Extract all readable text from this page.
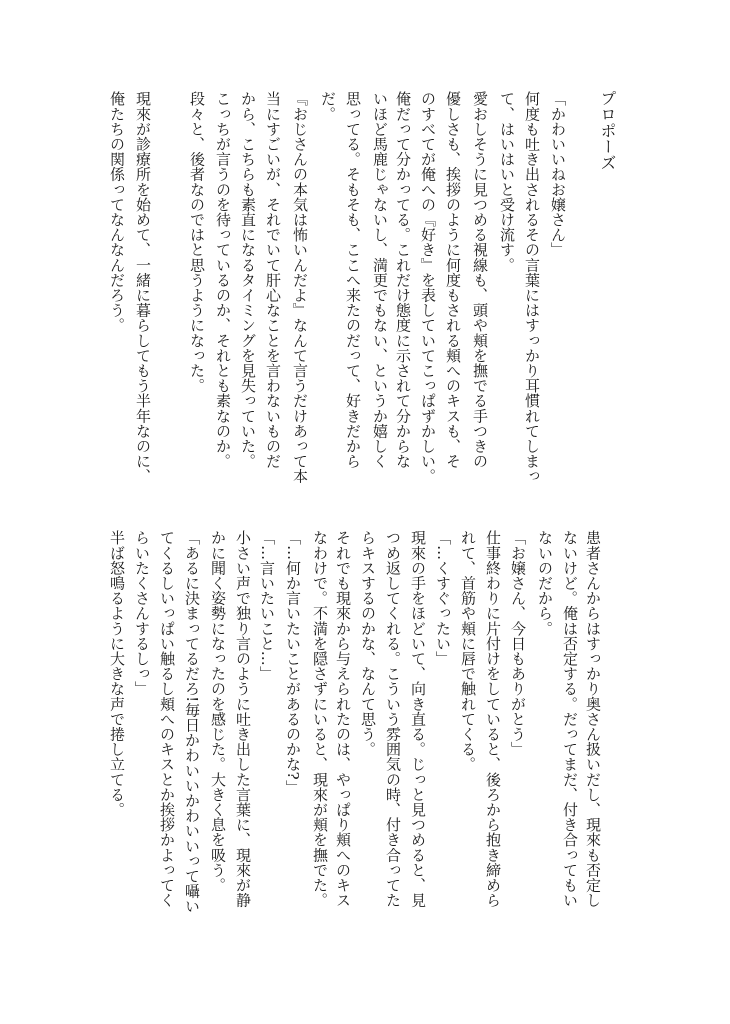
プロポーズ
「かわいいねお嬢さん」
何度も吐き出されるその言葉にはすっかり耳慣れてしまっ
て、はいはいと受け流す。
愛おしそうに見つめる視線も、頭や頬を撫でる手つきの
優しさも、挨拶のように何度もされる頬へのキスも、そ
のすべてが俺への『好き』を表していてこっぱずかしい。
俺だって分かってる。これだけ態度に示されて分からな
いほど馬鹿じゃないし、満更でもない、というか嬉しく
思ってる。そもそも、ここへ来たのだって、好きだから
だ。
『おじさんの本気は怖いんだよ』なんて言うだけあって本
当にすごいが、それでいて肝心なことを言わないものだ
から、こちらも素直になるタイミングを見失っていた。
こっちが言うのを待っているのか、それとも素なのか。
段々と、後者なのではと思うようになった。
現來が診療所を始めて、一緒に暮らしてもう半年なのに、
俺たちの関係ってなんなんだろう。
患者さんからはすっかり奥さん扱いだし、現來も否定し
ないけど。俺は否定する。だってまだ、付き合ってもい
ないのだから。
「お嬢さん、今日もありがとう」
仕事終わりに片付けをしていると、後ろから抱き締めら
れて、首筋や頬に唇で触れてくる。
「…くすぐったい」
現來の手をほどいて、向き直る。じっと見つめると、見
つめ返してくれる。こういう雰囲気の時、付き合ってた
らキスするのかな、なんて思う。
それでも現來から与えられたのは、やっぱり頬へのキス
なわけで。不満を隠さずにいると、現來が頬を撫でた。
「…何か言いたいことがあるのかな?」
「…言いたいこと…」
小さい声で独り言のように吐き出した言葉に、現來が静
かに聞く姿勢になったのを感じた。大きく息を吸う。
「あるに決まってるだろ!毎日かわいいかわいいって囁い
てくるしいっぱい触るし頬へのキスとか挨拶かよってく
らいたくさんするしっ」
半ば怒鳴るように大きな声で捲し立てる。
